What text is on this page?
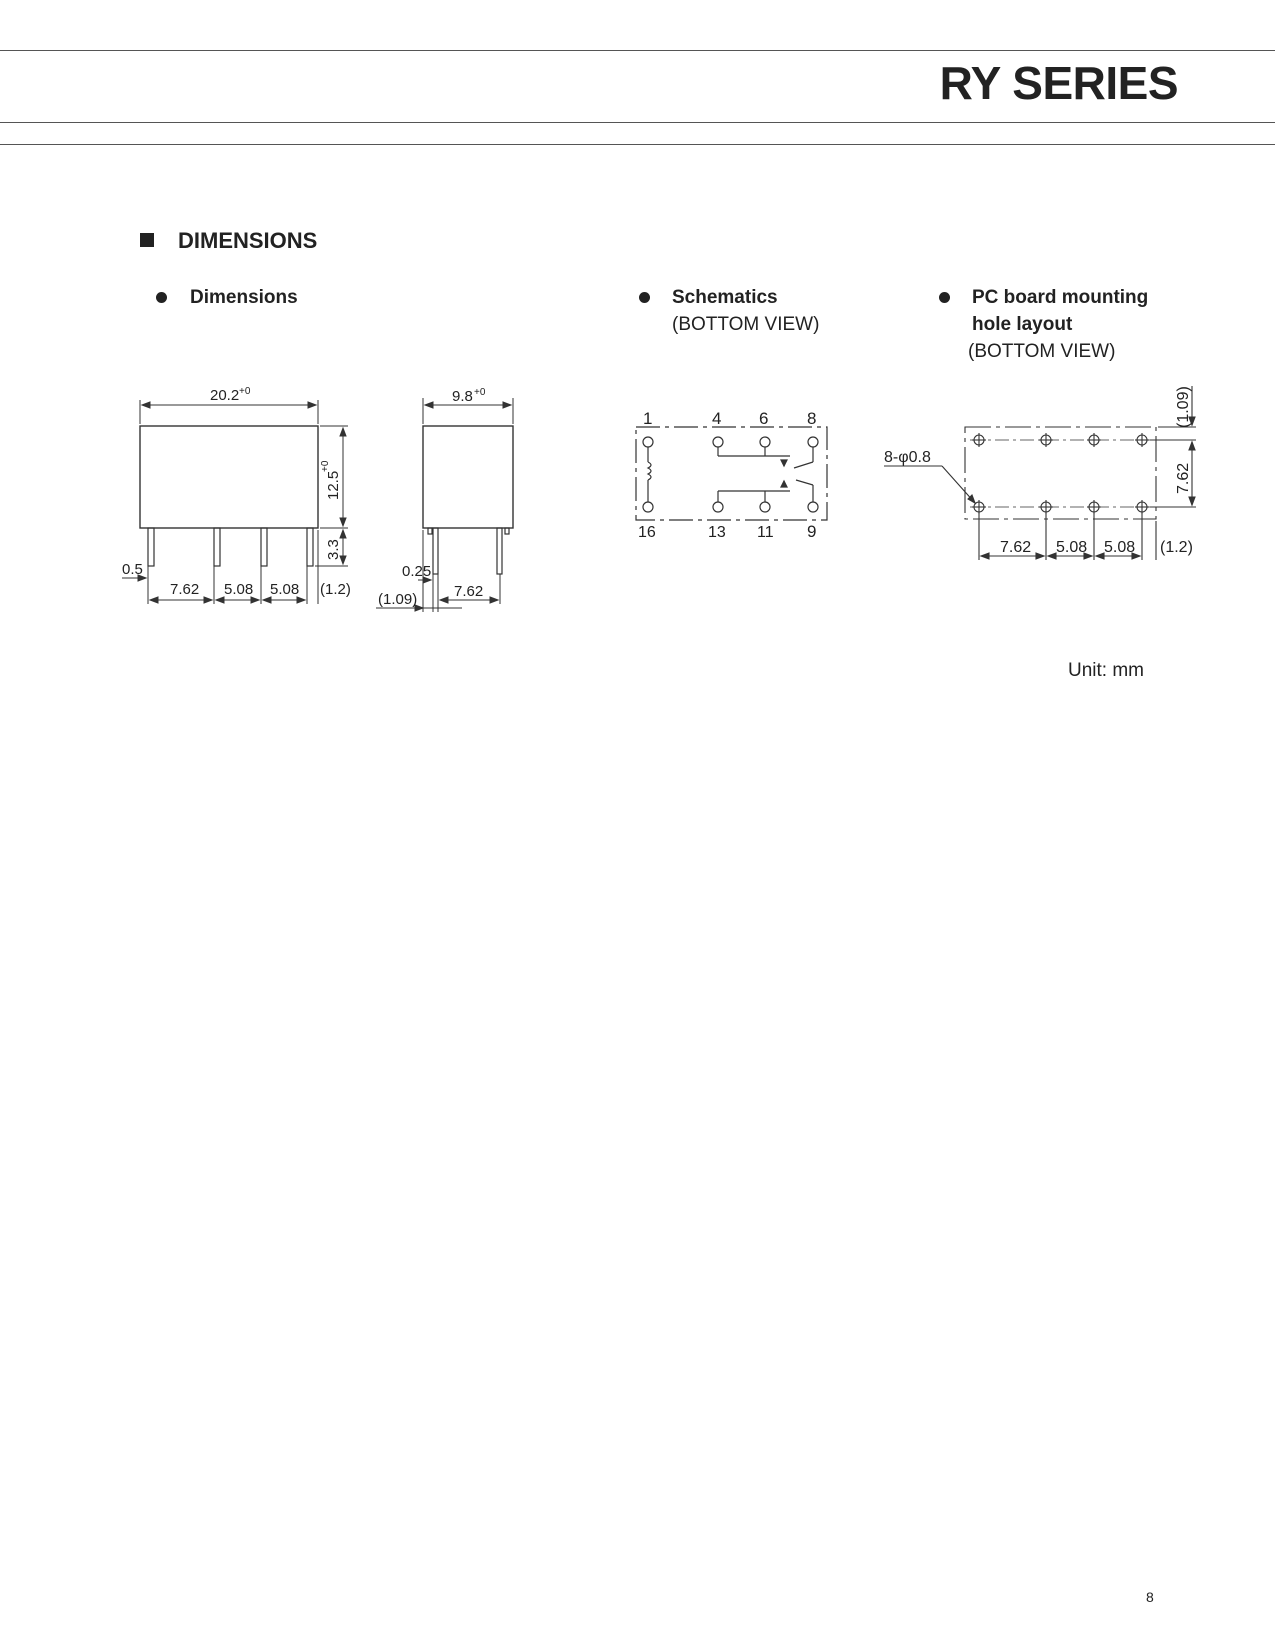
RY SERIES
DIMENSIONS
Dimensions	Schematics
(BOTTOM VIEW)
PC board mounting
hole layout
(BOTTOM VIEW)
20.2 +0
12.5
+0
3.3
7.62 5.08 5.08 (1.2)
0.5
9.8 +0
0.25
7.62
(1.09)
1	4 6 8
16	13 11 9
8-φ0.8
(1.09)
7.62
7.62 5.08 5.08 (1.2)
Unit: mm
8
